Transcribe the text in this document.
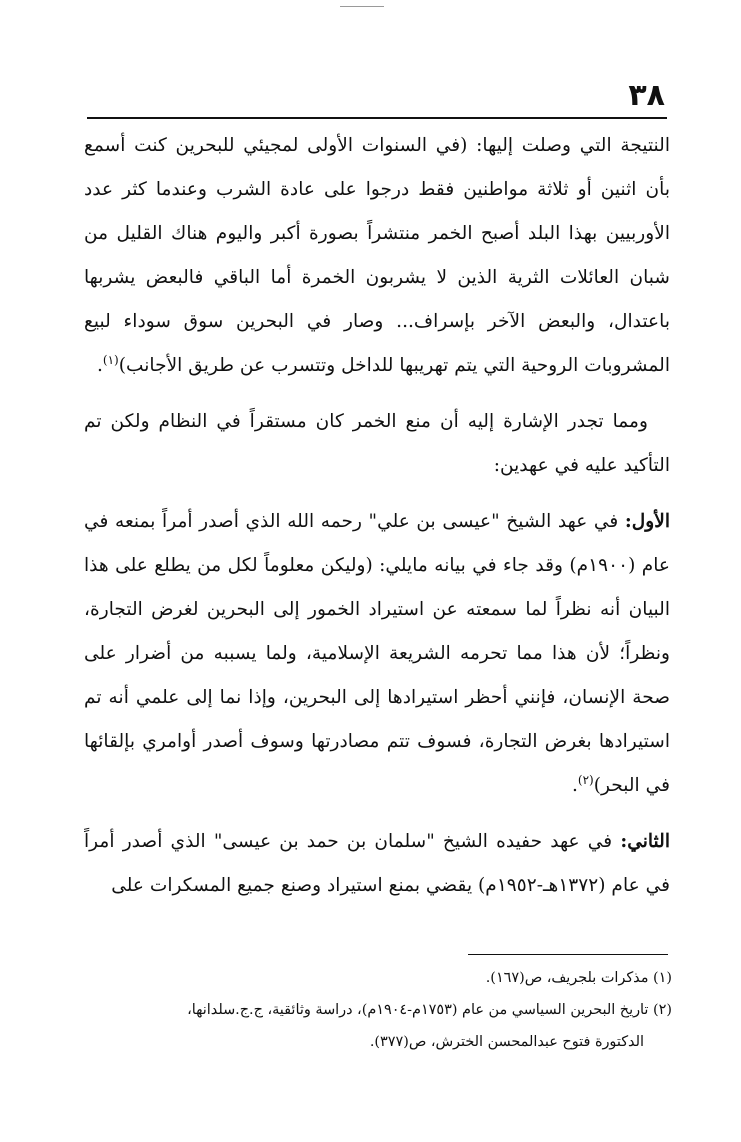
٣٨

النتيجة التي وصلت إليها: (في السنوات الأولى لمجيئي للبحرين كنت أسمع بأن اثنين أو ثلاثة مواطنين فقط درجوا على عادة الشرب وعندما كثر عدد الأوربيين بهذا البلد أصبح الخمر منتشراً بصورة أكبر واليوم هناك القليل من شبان العائلات الثرية الذين لا يشربون الخمرة أما الباقي فالبعض يشربها باعتدال، والبعض الآخر بإسراف... وصار في البحرين سوق سوداء لبيع المشروبات الروحية التي يتم تهريبها للداخل وتتسرب عن طريق الأجانب)$^{(١)}$.

ومما تجدر الإشارة إليه أن منع الخمر كان مستقراً في النظام ولكن تم التأكيد عليه في عهدين:

الأول: في عهد الشيخ "عيسى بن علي" رحمه الله الذي أصدر أمراً بمنعه في عام (١٩٠٠م) وقد جاء في بيانه مايلي: (وليكن معلوماً لكل من يطلع على هذا البيان أنه نظراً لما سمعته عن استيراد الخمور إلى البحرين لغرض التجارة، ونظراً؛ لأن هذا مما تحرمه الشريعة الإسلامية، ولما يسببه من أضرار على صحة الإنسان، فإنني أحظر استيرادها إلى البحرين، وإذا نما إلى علمي أنه تم استيرادها بغرض التجارة، فسوف تتم مصادرتها وسوف أصدر أوامري بإلقائها في البحر)$^{(٢)}$.

الثاني: في عهد حفيده الشيخ "سلمان بن حمد بن عيسى" الذي أصدر أمراً في عام (١٣٧٢هـ-١٩٥٢م) يقضي بمنع استيراد وصنع جميع المسكرات على

(١) مذكرات بلجريف، ص(١٦٧).

(٢) تاريخ البحرين السياسي من عام (١٧٥٣م-١٩٠٤م)، دراسة وثائقية، ج.ج.سلدانها،
الدكتورة فتوح عبدالمحسن الخترش، ص(٣٧٧).
